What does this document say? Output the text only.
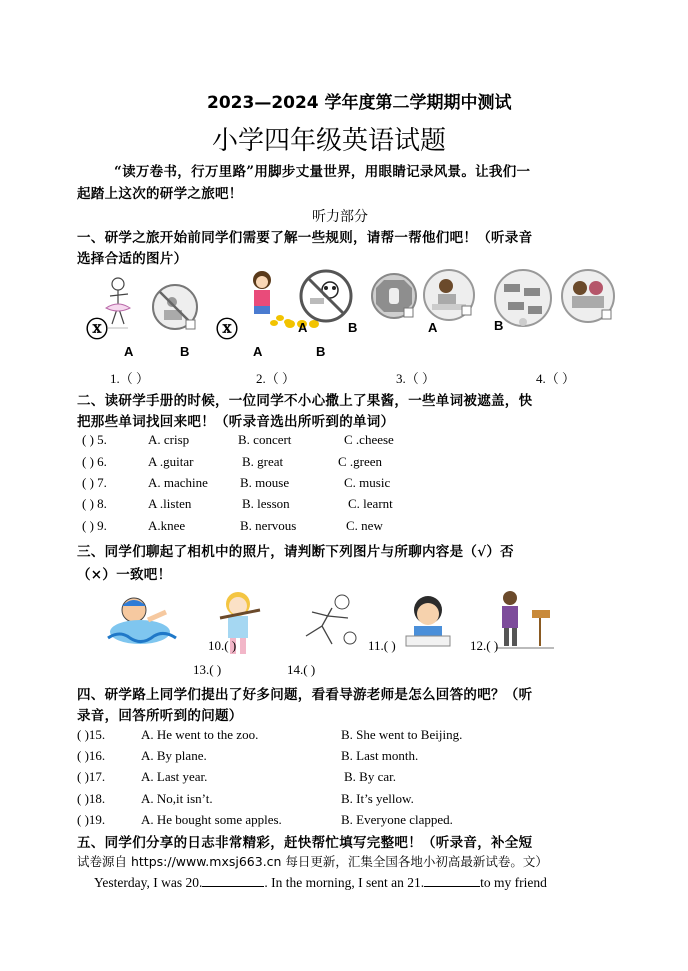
2023—2024 学年度第二学期期中测试
小学四年级英语试题
“读万卷书，行万里路”用脚步丈量世界，用眼睛记录风景。让我们一
起踏上这次的研学之旅吧！
听力部分
一、研学之旅开始前同学们需要了解一些规则，请帮一帮他们吧！（听录音
选择合适的图片）
ⓧ	ⓧ
A	B	A	B
A	B	A	B
1.（ ）	2.（ ）	3.（ ）	4.（ ）
二、读研学手册的时候，一位同学不小心撒上了果酱，一些单词被遮盖，快
把那些单词找回来吧！（听录音选出所听到的单词）
( ) 5.	A. crisp	B. concert	C .cheese
( ) 6.	A .guitar	B. great	C .green
( ) 7.	A. machine B. mouse	C. music
( ) 8.	A .listen	B. lesson	C. learnt
( ) 9.	A.knee	B. nervous	C. new
三、同学们聊起了相机中的照片，请判断下列图片与所聊内容是（√）否
（×）一致吧！
10.( )	11.( )	12.( )
13.( )	14.( )
四、研学路上同学们提出了好多问题，看看导游老师是怎么回答的吧？（听
录音，回答所听到的问题）
( )15.	A. He went to the zoo.	B. She went to Beijing.
( )16.	A. By plane.	B. Last month.
( )17.	A. Last year.	B. By car.
( )18.	A. No,it isn’t.	B. It’s yellow.
( )19.	A. He bought some apples.	B. Everyone clapped.
五、同学们分享的日志非常精彩，赶快帮忙填写完整吧！（听录音，补全短
试卷源自 https://www.mxsj663.cn 每日更新，汇集全国各地小初高最新试卷。文）
Yesterday, I was 20.	. In the morning, I sent an 21.	to my friend
